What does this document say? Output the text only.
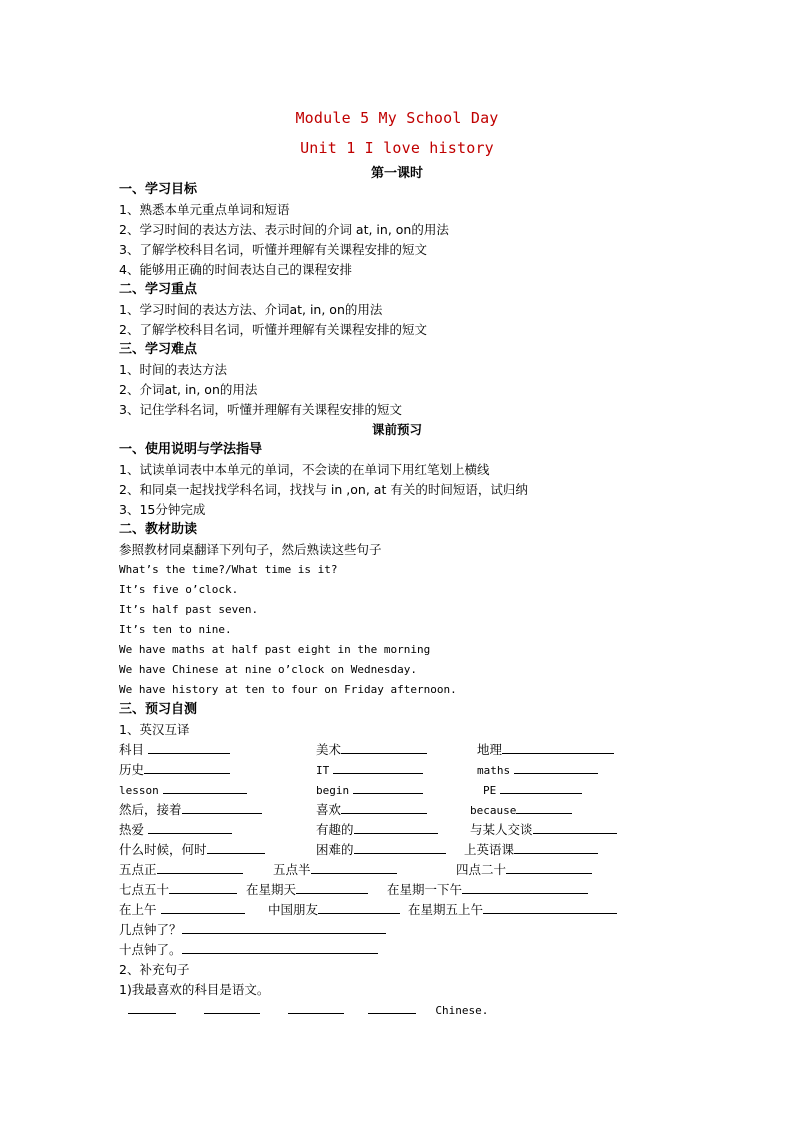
Module 5 My School Day
Unit 1 I love history
第一课时
一、学习目标
1、熟悉本单元重点单词和短语
2、学习时间的表达方法、表示时间的介词 at, in, on的用法
3、了解学校科目名词，听懂并理解有关课程安排的短文
4、能够用正确的时间表达自己的课程安排
二、学习重点
1、学习时间的表达方法、介词at, in, on的用法
2、了解学校科目名词，听懂并理解有关课程安排的短文
三、学习难点
1、时间的表达方法
2、介词at, in, on的用法
3、记住学科名词，听懂并理解有关课程安排的短文
课前预习
一、使用说明与学法指导
1、试读单词表中本单元的单词，不会读的在单词下用红笔划上横线
2、和同桌一起找找学科名词，找找与 in ,on, at 有关的时间短语，试归纳
3、15分钟完成
二、教材助读
参照教材同桌翻译下列句子，然后熟读这些句子
What’s the time?/What time is it?
It’s five o’clock.
It’s half past seven.
It’s ten to nine.
We have maths at half past eight in the morning
We have Chinese at nine o’clock on Wednesday.
We have history at ten to four on Friday afternoon.
三、预习自测
1、英汉互译
科目	美术	地理
历史	IT	maths
lesson	begin	PE
然后，接着	喜欢	because
热爱	有趣的	与某人交谈
什么时候，何时	困难的	上英语课
五点正	五点半	四点二十
七点五十	在星期天	在星期一下午
在上午	中国朋友	在星期五上午
几点钟了？
十点钟了。
2、补充句子
1)我最喜欢的科目是语文。
Chinese.
